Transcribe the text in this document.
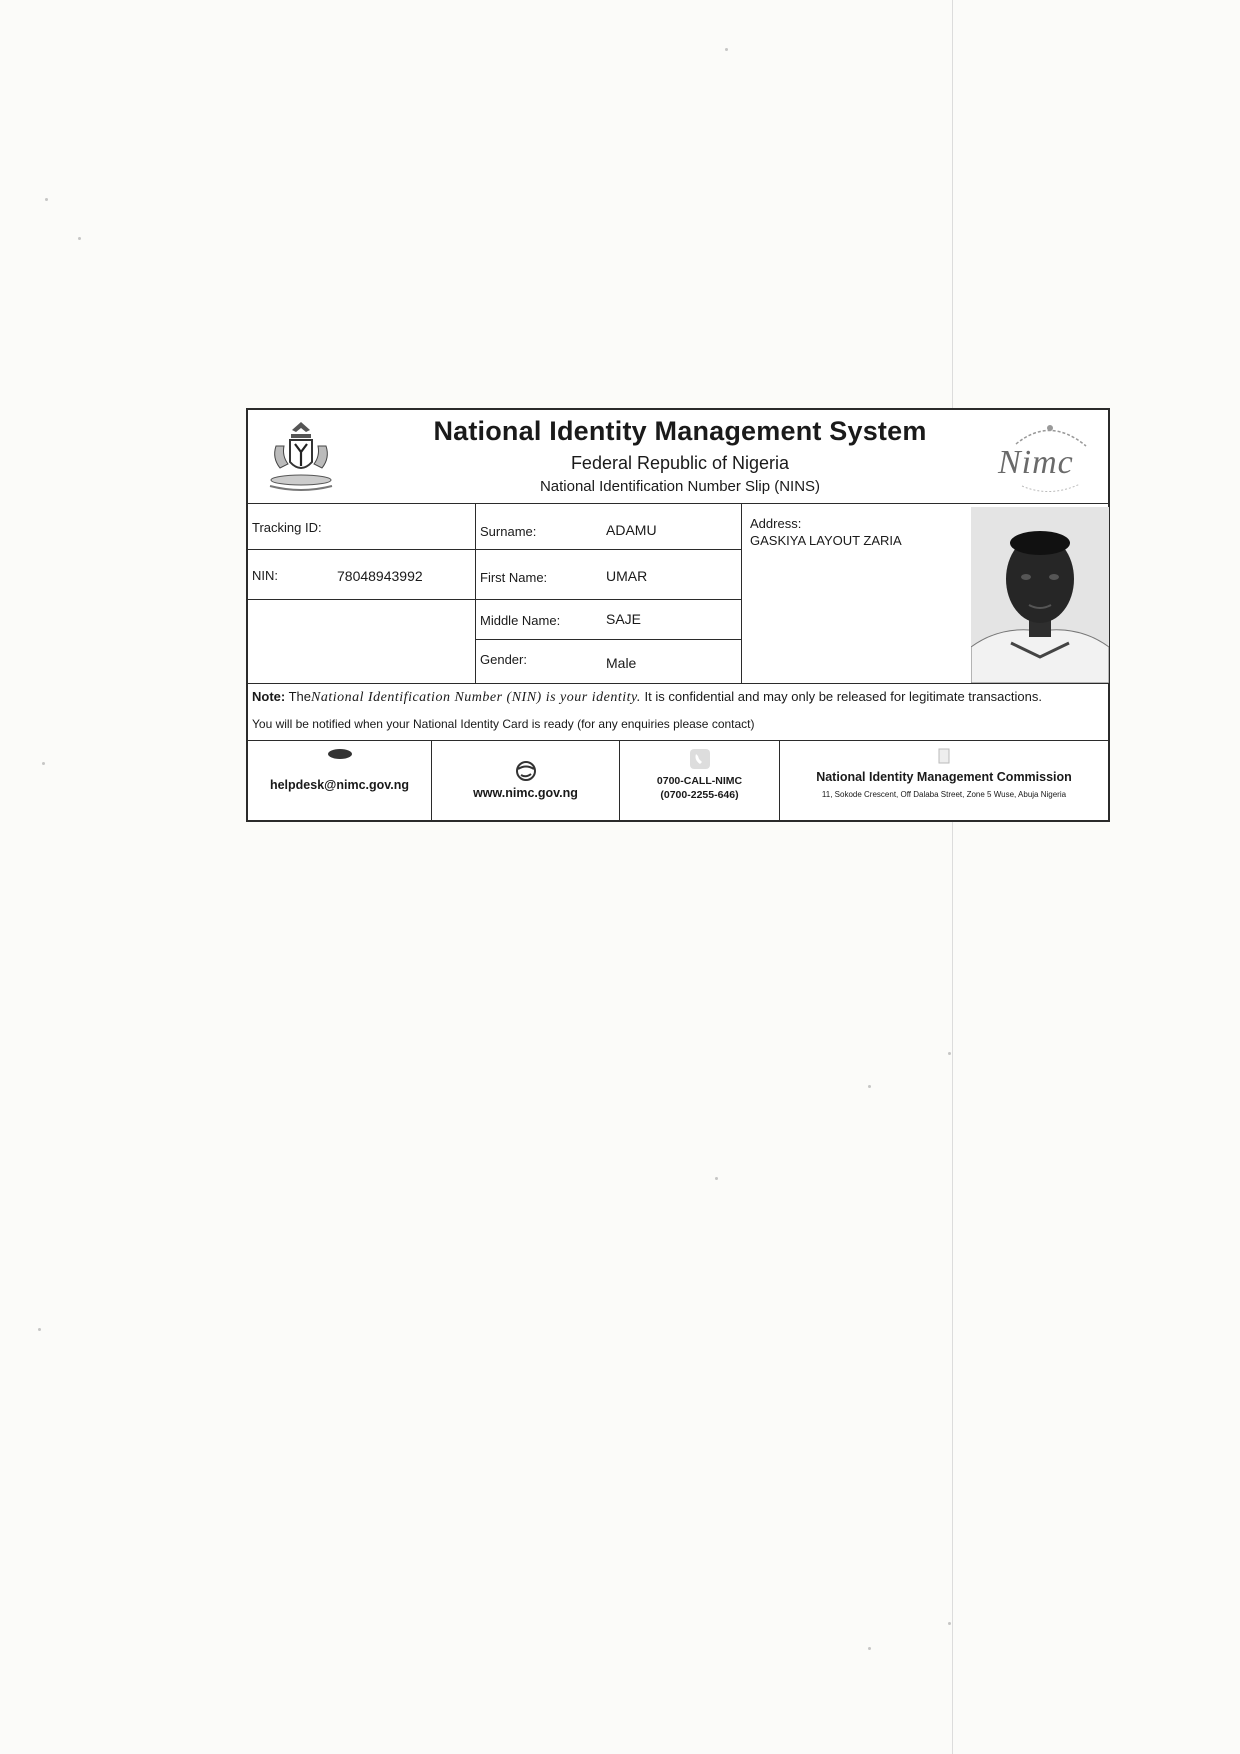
National Identity Management System
Federal Republic of Nigeria
National Identification Number Slip (NINS)
Nimc
Tracking ID:
NIN:	78048943992
Surname:	ADAMU
First Name:	UMAR
Middle Name:	SAJE
Gender:	Male
Address:
GASKIYA LAYOUT ZARIA
Note: TheNational Identification Number (NIN) is your identity. It is confidential and may only be released for legitimate transactions.
You will be notified when your National Identity Card is ready (for any enquiries please contact)
helpdesk@nimc.gov.ng
www.nimc.gov.ng
0700-CALL-NIMC
(0700-2255-646)
National Identity Management Commission
11, Sokode Crescent, Off Dalaba Street, Zone 5 Wuse, Abuja Nigeria
